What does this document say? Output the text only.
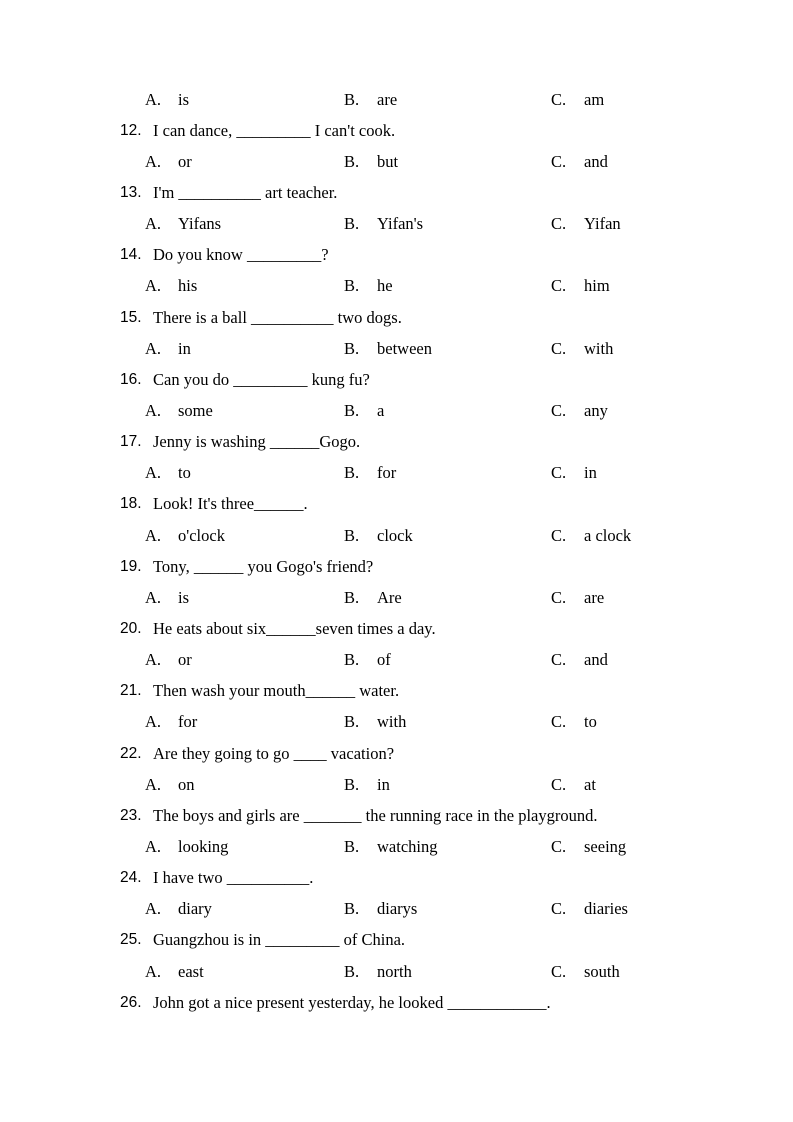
A.	is	B.	are	C.	am
12. I can dance, _________ I can't cook.
A.	or	B.	but	C.	and
13. I'm __________ art teacher.
A.	Yifans	B.	Yifan's	C.	Yifan
14. Do you know _________?
A.	his	B.	he	C.	him
15. There is a ball __________ two dogs.
A.	in	B.	between	C.	with
16. Can you do _________ kung fu?
A.	some	B.	a	C.	any
17. Jenny is washing ______Gogo.
A.	to	B.	for	C.	in
18. Look! It's three______.
A.	o'clock	B.	clock	C.	a clock
19. Tony, ______ you Gogo's friend?
A.	is	B.	Are	C.	are
20. He eats about six______seven times a day.
A.	or	B.	of	C.	and
21. Then wash your mouth______ water.
A.	for	B.	with	C.	to
22. Are they going to go ____ vacation?
A.	on	B.	in	C.	at
23. The boys and girls are _______ the running race in the playground.
A.	looking	B.	watching	C.	seeing
24. I have two __________.
A.	diary	B.	diarys	C.	diaries
25. Guangzhou is in _________ of China.
A.	east	B.	north	C.	south
26. John got a nice present yesterday, he looked ____________.
